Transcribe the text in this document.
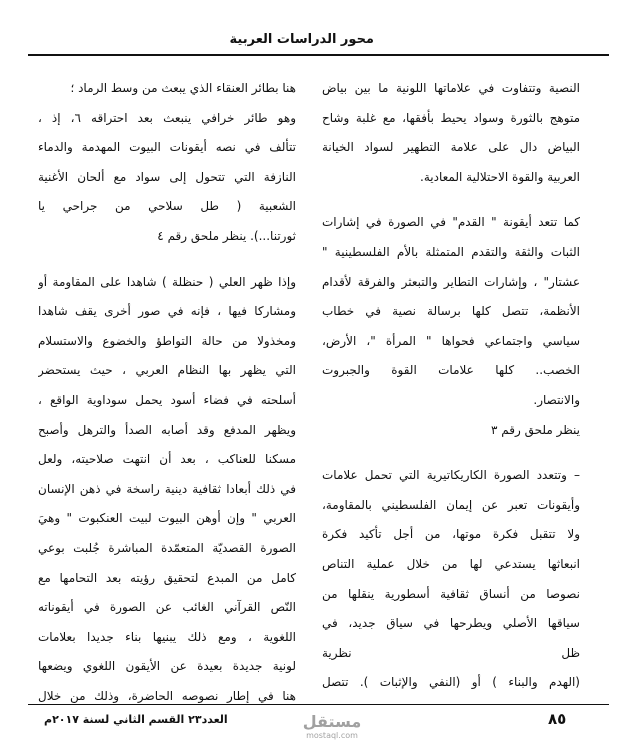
محور الدراسات العربية
النصية وتتفاوت في علاماتها اللونية ما بين بياض
متوهج بالثورة وسواد يحيط بأفقها، مع غلبة وشاح
البياض دال على علامة التطهير لسواد الخيانة
العربية والقوة الاحتلالية المعادية.
كما تتعد أيقونة " القدم" في الصورة في إشارات
الثبات والثقة والتقدم المتمثلة بالأم الفلسطينية "
عشتار" ، وإشارات التطاير والتبعثر والفرقة لأقدام
الأنظمة، تتصل كلها برسالة نصية في خطاب
سياسي واجتماعي فحواها " المرأة "، الأرض،
الخصب.. كلها علامات القوة والجبروت
والانتصار.
ينظر ملحق رقم ٣
– وتتعدد الصورة الكاريكاتيرية التي تحمل علامات
وأيقونات تعبر عن إيمان الفلسطيني بالمقاومة،
ولا تتقبل فكرة موتها، من أجل تأكيد فكرة
انبعاثها يستدعي لها من خلال عملية التناص
نصوصا من أنساق ثقافية أسطورية ينقلها من
سياقها الأصلي ويطرحها في سياق جديد، في
ظل نظرية
(الهدم والبناء ) أو (النفي والإثبات ). تتصل
هنا بطائر العنقاء الذي يبعث من وسط الرماد ؛
وهو طائر خرافي ينبعث بعد احتراقه ٦، إذ ،
تتألف في نصه أيقونات البيوت المهدمة والدماء
النازفة التي تتحول إلى سواد مع ألحان الأغنية
الشعبية ( طل سلاحي من جراحي يا
ثورتنا...). ينظر ملحق رقم ٤
وإذا ظهر العلي ( حنظلة ) شاهدا على المقاومة أو
ومشاركا فيها ، فإنه في صور أخرى يقف شاهدا
ومخذولا من حالة التواطؤ والخضوع والاستسلام
التي يظهر بها النظام العربي ، حيث يستحضر
أسلحته في فضاء أسود يحمل سوداوية الواقع ،
ويظهر المدفع وقد أصابه الصدأ والترهل وأصبح
مسكنا للعناكب ، بعد أن انتهت صلاحيته، ولعل
في ذلك أبعادا ثقافية دينية راسخة في ذهن الإنسان
العربي " وإن أوهن البيوت لبيت العنكبوت " وهيَ
الصورة القصديّة المتعمّدة المباشرة جُلبت بوعي
كامل من المبدع لتحقيق رؤيته بعد التحامها مع
النّص القرآني الغائب عن الصورة في أيقوناته
اللغوية ، ومع ذلك يبنيها بناء جديدا بعلامات
لونية جديدة بعيدة عن الأيقون اللغوي ويضعها
هنا في إطار نصوصه الحاضرة، وذلك من خلال
العدد٢٣ القسم الثاني لسنة ٢٠١٧م	مستقل
mostaql.com
٨٥
